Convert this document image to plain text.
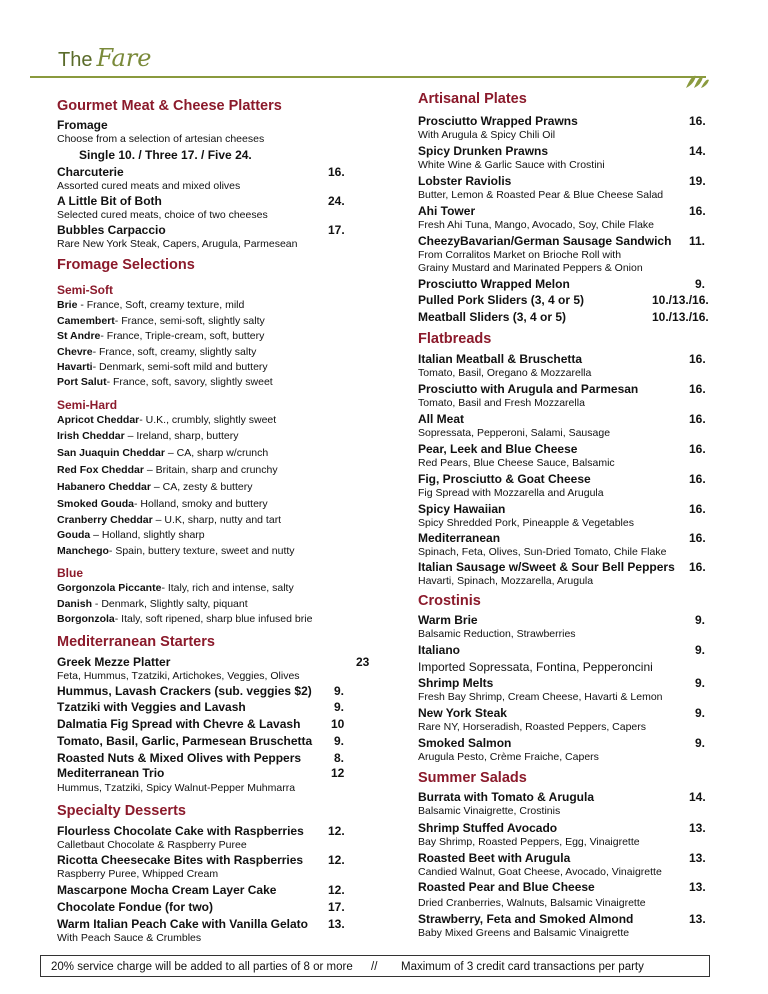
The Fare
Gourmet Meat & Cheese Platters
Fromage
Choose from a selection of artesian cheeses
Single 10. / Three 17. / Five 24.
Charcuterie	16.
Assorted cured meats and mixed olives
A Little Bit of Both	24.
Selected cured meats, choice of two cheeses
Bubbles Carpaccio	17.
Rare New York Steak, Capers, Arugula, Parmesean
Fromage Selections
Semi-Soft
Brie - France, Soft, creamy texture, mild
Camembert- France, semi-soft, slightly salty
St Andre- France, Triple-cream, soft, buttery
Chevre- France, soft, creamy, slightly salty
Havarti- Denmark, semi-soft mild and buttery
Port Salut- France, soft, savory, slightly sweet
Semi-Hard
Apricot Cheddar- U.K., crumbly, slightly sweet
Irish Cheddar – Ireland, sharp, buttery
San Juaquin Cheddar – CA, sharp w/crunch
Red Fox Cheddar – Britain, sharp and crunchy
Habanero Cheddar – CA, zesty & buttery
Smoked Gouda- Holland, smoky and buttery
Cranberry Cheddar – U.K, sharp, nutty and tart
Gouda – Holland, slightly sharp
Manchego- Spain, buttery texture, sweet and nutty
Blue
Gorgonzola Piccante- Italy, rich and intense, salty
Danish - Denmark, Slightly salty, piquant
Borgonzola- Italy, soft ripened, sharp blue infused brie
Mediterranean Starters
Greek Mezze Platter	23
Feta, Hummus, Tzatziki, Artichokes, Veggies, Olives
Hummus, Lavash Crackers (sub. veggies $2) 9.
Tzatziki with Veggies and Lavash	9.
Dalmatia Fig Spread with Chevre & Lavash	10
Tomato, Basil, Garlic, Parmesean Bruschetta 9.
Roasted Nuts & Mixed Olives with Peppers	8.
Mediterranean Trio	12
Hummus, Tzatziki, Spicy Walnut-Pepper Muhmarra
Specialty Desserts
Flourless Chocolate Cake with Raspberries 12.
Calletbaut Chocolate & Raspberry Puree
Ricotta Cheesecake Bites with Raspberries 12.
Raspberry Puree, Whipped Cream
Mascarpone Mocha Cream Layer Cake	12.
Chocolate Fondue (for two)	17.
Warm Italian Peach Cake with Vanilla Gelato 13.
With Peach Sauce & Crumbles
Artisanal Plates
Prosciutto Wrapped Prawns	16.
With Arugula & Spicy Chili Oil
Spicy Drunken Prawns	14.
White Wine & Garlic Sauce with Crostini
Lobster Raviolis	19.
Butter, Lemon & Roasted Pear & Blue Cheese Salad
Ahi Tower	16.
Fresh Ahi Tuna, Mango, Avocado, Soy, Chile Flake
CheezyBavarian/German Sausage Sandwich 11.
From Corralitos Market on Brioche Roll with
Grainy Mustard and Marinated Peppers & Onion
Prosciutto Wrapped Melon	9.
Pulled Pork Sliders (3, 4 or 5)	10./13./16.
Meatball Sliders (3, 4 or 5)	10./13./16.
Flatbreads
Italian Meatball & Bruschetta	16.
Tomato, Basil, Oregano & Mozzarella
Prosciutto with Arugula and Parmesan	16.
Tomato, Basil and Fresh Mozzarella
All Meat	16.
Sopressata, Pepperoni, Salami, Sausage
Pear, Leek and Blue Cheese	16.
Red Pears, Blue Cheese Sauce, Balsamic
Fig, Prosciutto & Goat Cheese	16.
Fig Spread with Mozzarella and Arugula
Spicy Hawaiian	16.
Spicy Shredded Pork, Pineapple & Vegetables
Mediterranean	16.
Spinach, Feta, Olives, Sun-Dried Tomato, Chile Flake
Italian Sausage w/Sweet & Sour Bell Peppers 16.
Havarti, Spinach, Mozzarella, Arugula
Crostinis
Warm Brie	9.
Balsamic Reduction, Strawberries
Italiano	9.
Imported Sopressata, Fontina, Pepperoncini
Shrimp Melts	9.
Fresh Bay Shrimp, Cream Cheese, Havarti & Lemon
New York Steak	9.
Rare NY, Horseradish, Roasted Peppers, Capers
Smoked Salmon	9.
Arugula Pesto, Crème Fraiche, Capers
Summer Salads
Burrata with Tomato & Arugula	14.
Balsamic Vinaigrette, Crostinis
Shrimp Stuffed Avocado	13.
Bay Shrimp, Roasted Peppers, Egg, Vinaigrette
Roasted Beet with Arugula	13.
Candied Walnut, Goat Cheese, Avocado, Vinaigrette
Roasted Pear and Blue Cheese	13.
Dried Cranberries, Walnuts, Balsamic Vinaigrette
Strawberry, Feta and Smoked Almond	13.
Baby Mixed Greens and Balsamic Vinaigrette
20% service charge will be added to all parties of 8 or more // Maximum of 3 credit card transactions per party
